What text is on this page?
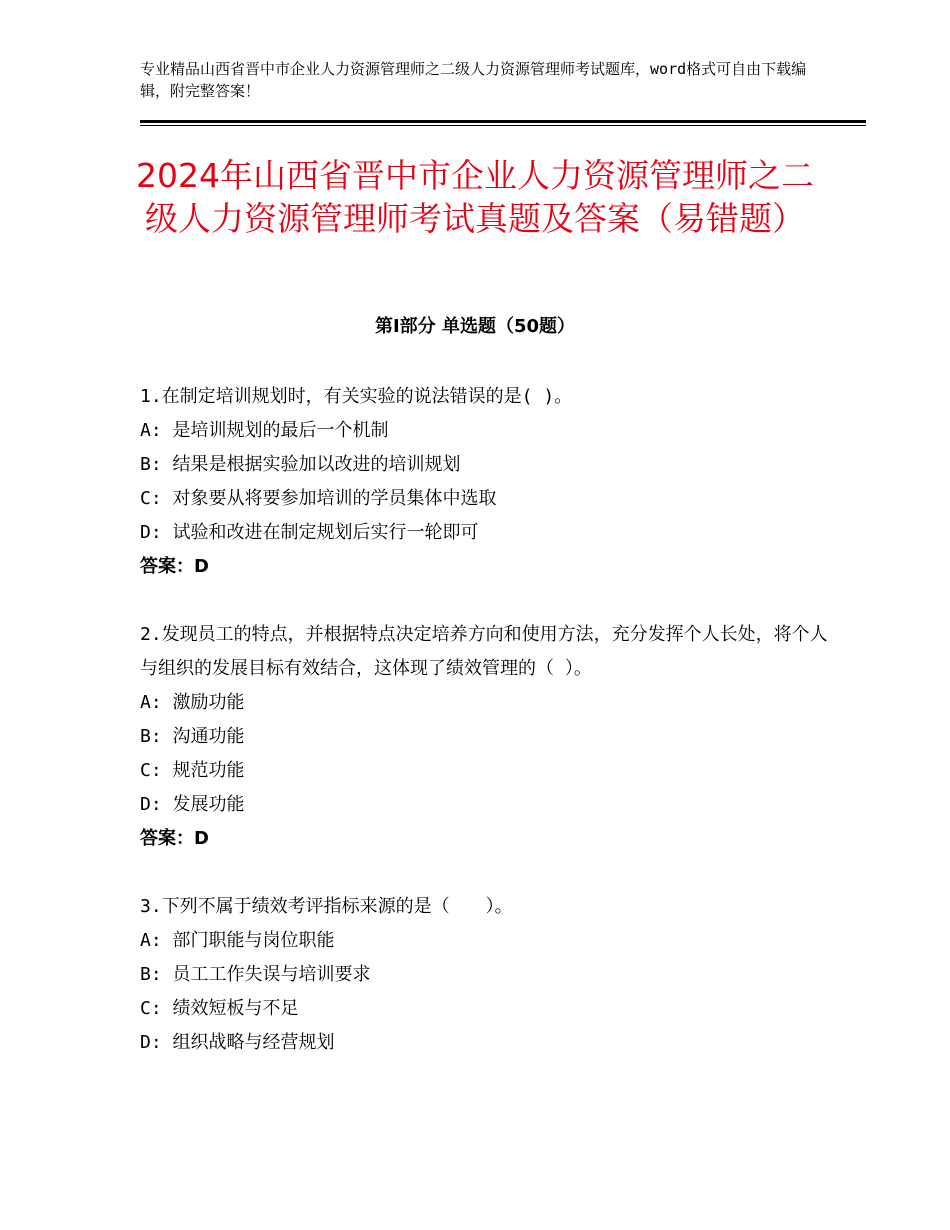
专业精品山西省晋中市企业人力资源管理师之二级人力资源管理师考试题库，word格式可自由下载编辑，附完整答案！
2024年山西省晋中市企业人力资源管理师之二级人力资源管理师考试真题及答案（易错题）
第Ⅰ部分 单选题（50题）
1.在制定培训规划时，有关实验的说法错误的是( )。
A: 是培训规划的最后一个机制
B: 结果是根据实验加以改进的培训规划
C: 对象要从将要参加培训的学员集体中选取
D: 试验和改进在制定规划后实行一轮即可
答案：D
2.发现员工的特点，并根据特点决定培养方向和使用方法，充分发挥个人长处，将个人与组织的发展目标有效结合，这体现了绩效管理的（ ）。
A: 激励功能
B: 沟通功能
C: 规范功能
D: 发展功能
答案：D
3.下列不属于绩效考评指标来源的是（　　）。
A: 部门职能与岗位职能
B: 员工工作失误与培训要求
C: 绩效短板与不足
D: 组织战略与经营规划
